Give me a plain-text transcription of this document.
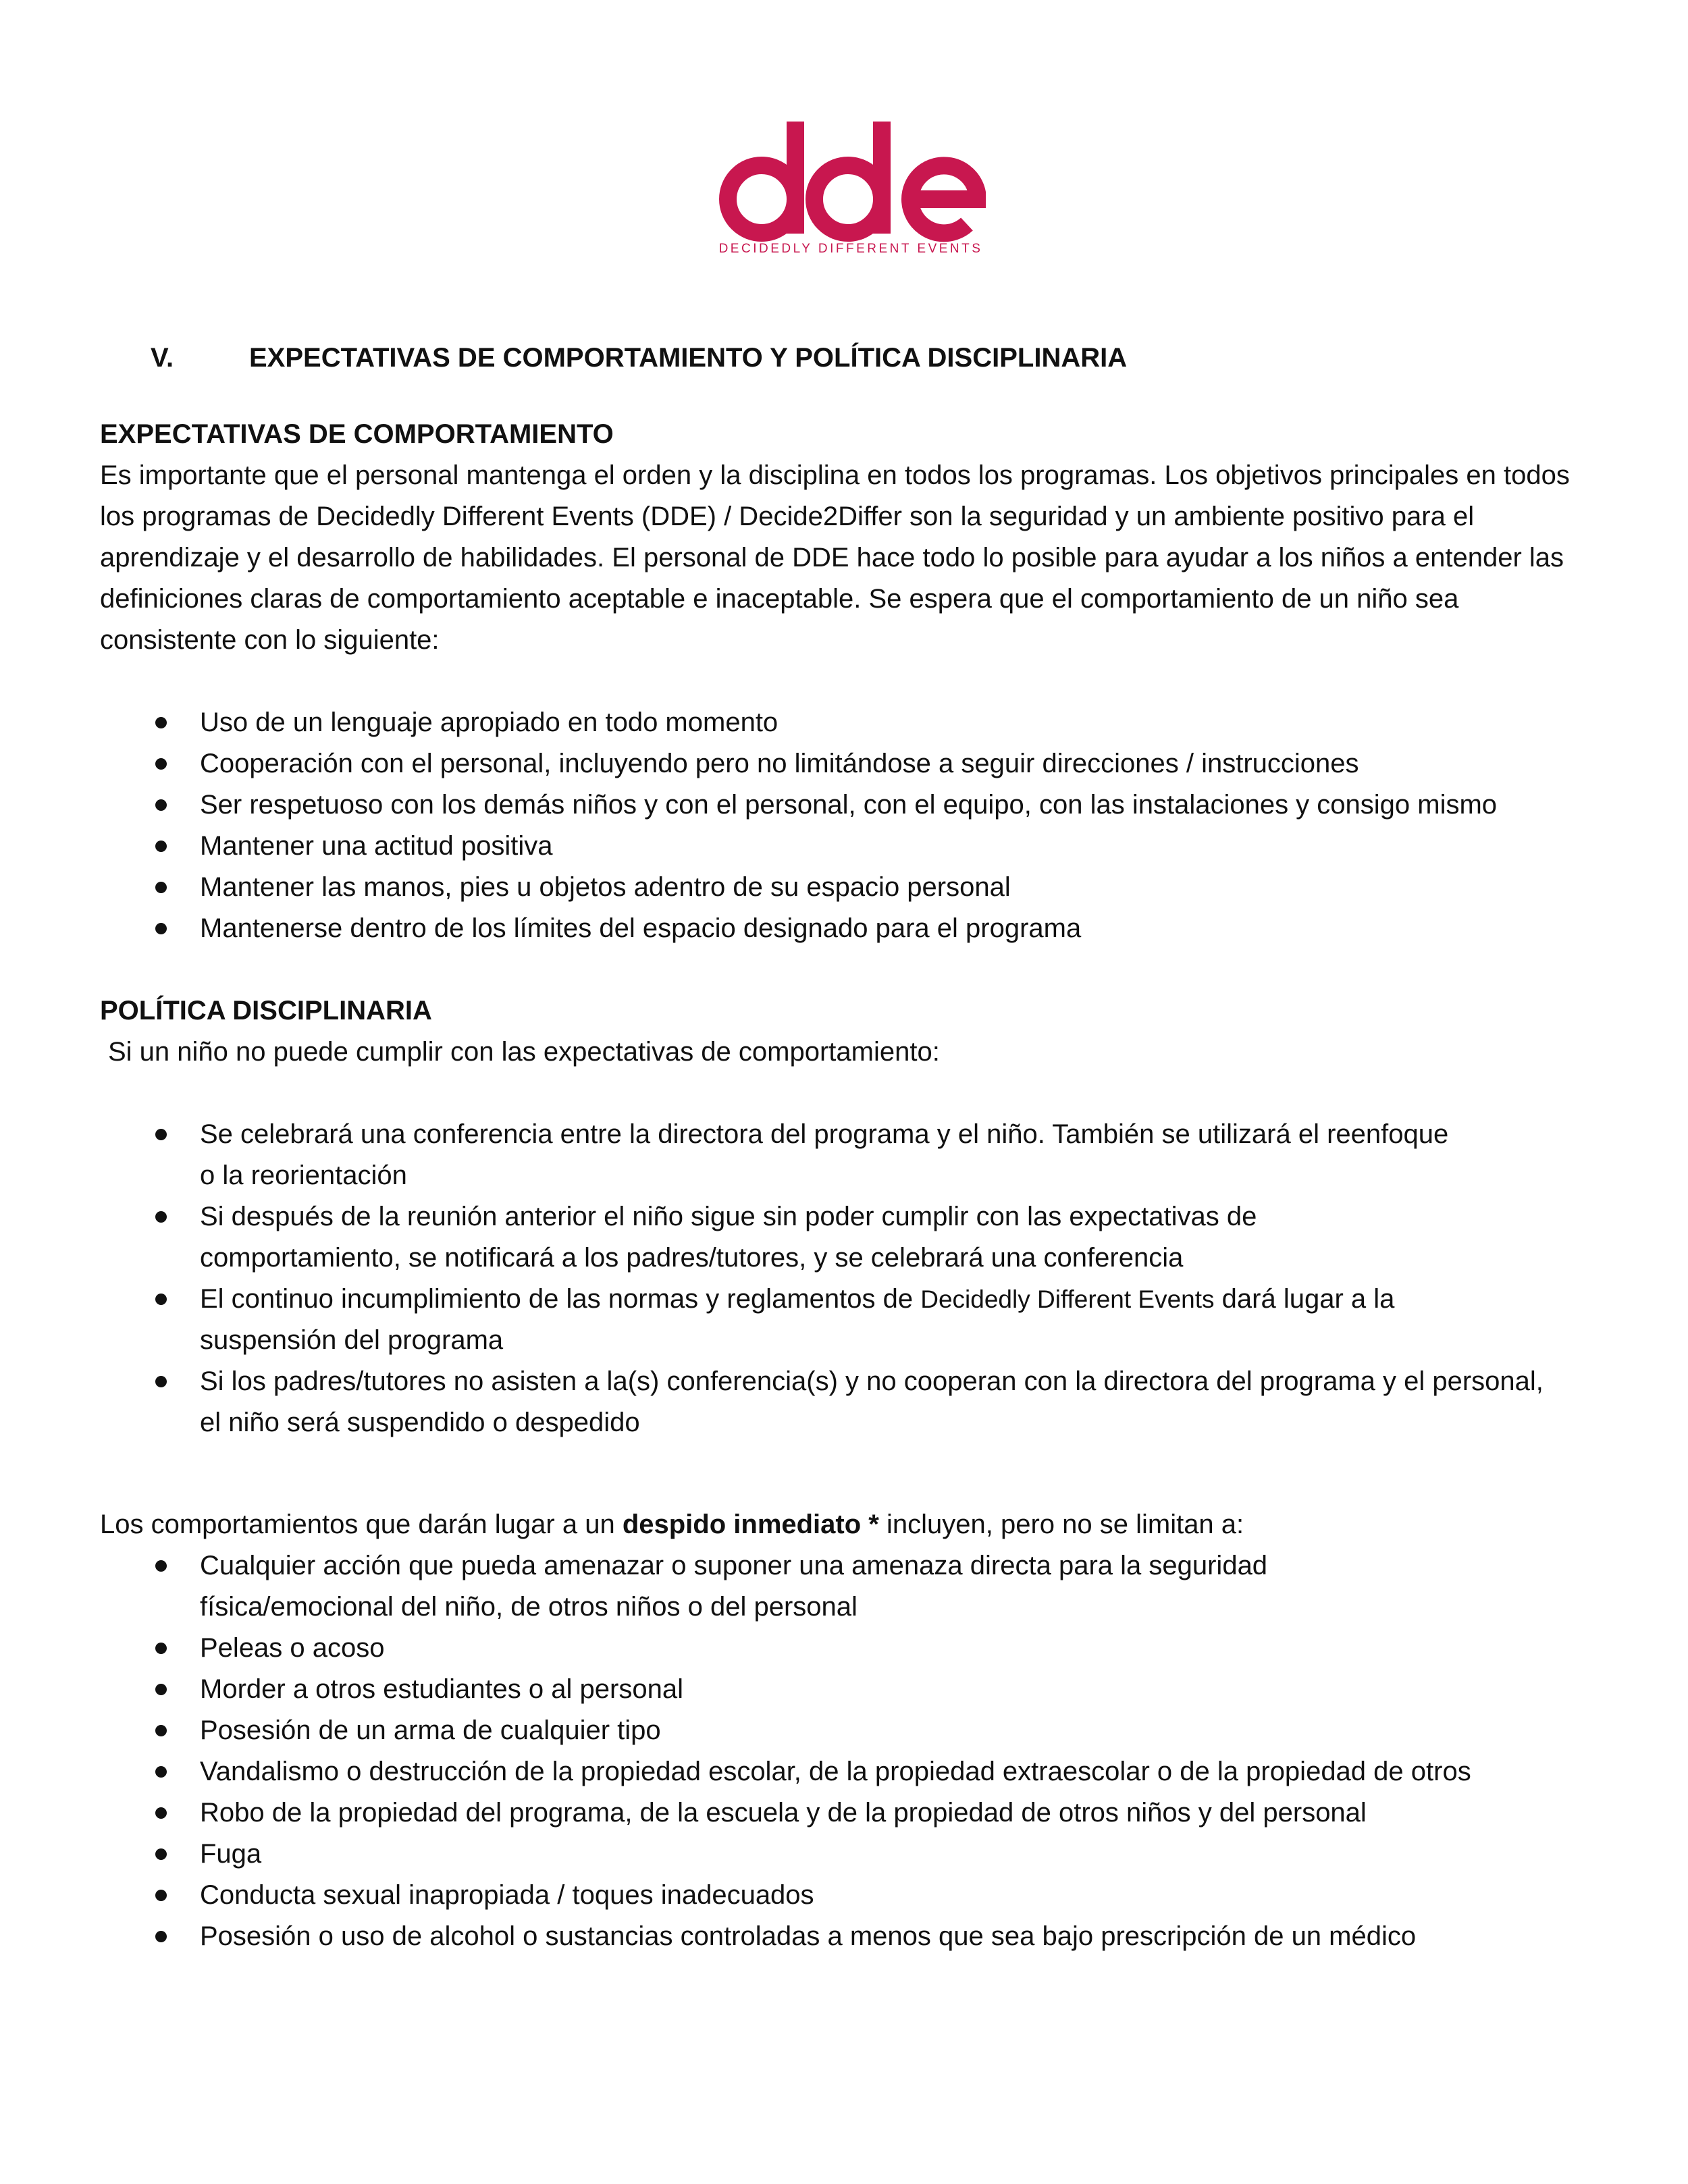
DECIDEDLY DIFFERENT EVENTS
V.	EXPECTATIVAS DE COMPORTAMIENTO Y POLÍTICA DISCIPLINARIA

EXPECTATIVAS DE COMPORTAMIENTO

Es importante que el personal mantenga el orden y la disciplina en todos los programas. Los objetivos principales en todos los programas de Decidedly Different Events (DDE) / Decide2Differ son la seguridad y un ambiente positivo para el aprendizaje y el desarrollo de habilidades. El personal de DDE hace todo lo posible para ayudar a los niños a entender las definiciones claras de comportamiento aceptable e inaceptable. Se espera que el comportamiento de un niño sea consistente con lo siguiente:

Uso de un lenguaje apropiado en todo momento
Cooperación con el personal, incluyendo pero no limitándose a seguir direcciones / instrucciones
Ser respetuoso con los demás niños y con el personal, con el equipo, con las instalaciones y consigo mismo
Mantener una actitud positiva
Mantener las manos, pies u objetos adentro de su espacio personal
Mantenerse dentro de los límites del espacio designado para el programa

POLÍTICA DISCIPLINARIA

Si un niño no puede cumplir con las expectativas de comportamiento:

Se celebrará una conferencia entre la directora del programa y el niño. También se utilizará el reenfoque o la reorientación
Si después de la reunión anterior el niño sigue sin poder cumplir con las expectativas de comportamiento, se notificará a los padres/tutores, y se celebrará una conferencia
El continuo incumplimiento de las normas y reglamentos de Decidedly Different Events dará lugar a la suspensión del programa
Si los padres/tutores no asisten a la(s) conferencia(s) y no cooperan con la directora del programa y el personal, el niño será suspendido o despedido

Los comportamientos que darán lugar a un despido inmediato * incluyen, pero no se limitan a:

Cualquier acción que pueda amenazar o suponer una amenaza directa para la seguridad física/emocional del niño, de otros niños o del personal
Peleas o acoso
Morder a otros estudiantes o al personal
Posesión de un arma de cualquier tipo
Vandalismo o destrucción de la propiedad escolar, de la propiedad extraescolar o de la propiedad de otros
Robo de la propiedad del programa, de la escuela y de la propiedad de otros niños y del personal
Fuga
Conducta sexual inapropiada / toques inadecuados
Posesión o uso de alcohol o sustancias controladas a menos que sea bajo prescripción de un médico
